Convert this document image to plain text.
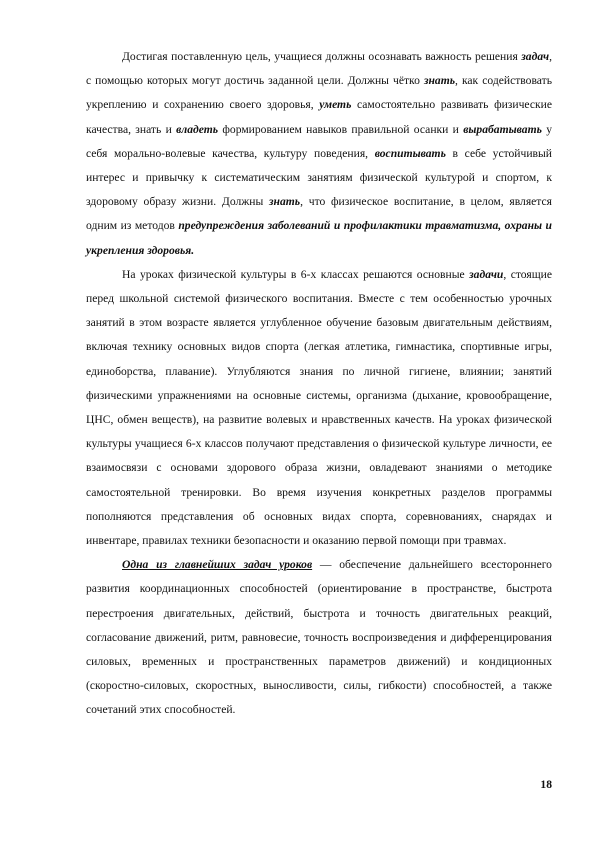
Достигая поставленную цель, учащиеся должны осознавать важность решения задач, с помощью которых могут достичь заданной цели. Должны чётко знать, как содействовать укреплению и сохранению своего здоровья, уметь самостоятельно развивать физические качества, знать и владеть формированием навыков правильной осанки и вырабатывать у себя морально-волевые качества, культуру поведения, воспитывать в себе устойчивый интерес и привычку к систематическим занятиям физической культурой и спортом, к здоровому образу жизни. Должны знать, что физическое воспитание, в целом, является одним из методов предупреждения заболеваний и профилактики травматизма, охраны и укрепления здоровья.

На уроках физической культуры в 6-х классах решаются основные задачи, стоящие перед школьной системой физического воспитания. Вместе с тем особенностью урочных занятий в этом возрасте является углубленное обучение базовым двигательным действиям, включая технику основных видов спорта (легкая атлетика, гимнастика, спортивные игры, единоборства, плавание). Углубляются знания по личной гигиене, влиянии; занятий физическими упражнениями на основные системы, организма (дыхание, кровообращение, ЦНС, обмен веществ), на развитие волевых и нравственных качеств. На уроках физической культуры учащиеся 6-х классов получают представления о физической культуре личности, ее взаимосвязи с основами здорового образа жизни, овладевают знаниями о методике самостоятельной тренировки. Во время изучения конкретных разделов программы пополняются представления об основных видах спорта, соревнованиях, снарядах и инвентаре, правилах техники безопасности и оказанию первой помощи при травмах.

Одна из главнейших задач уроков — обеспечение дальнейшего всестороннего развития координационных способностей (ориентирование в пространстве, быстрота перестроения двигательных, действий, быстрота и точность двигательных реакций, согласование движений, ритм, равновесие, точность воспроизведения и дифференцирования силовых, временных и пространственных параметров движений) и кондиционных (скоростно-силовых, скоростных, выносливости, силы, гибкости) способностей, а также сочетаний этих способностей.

18
